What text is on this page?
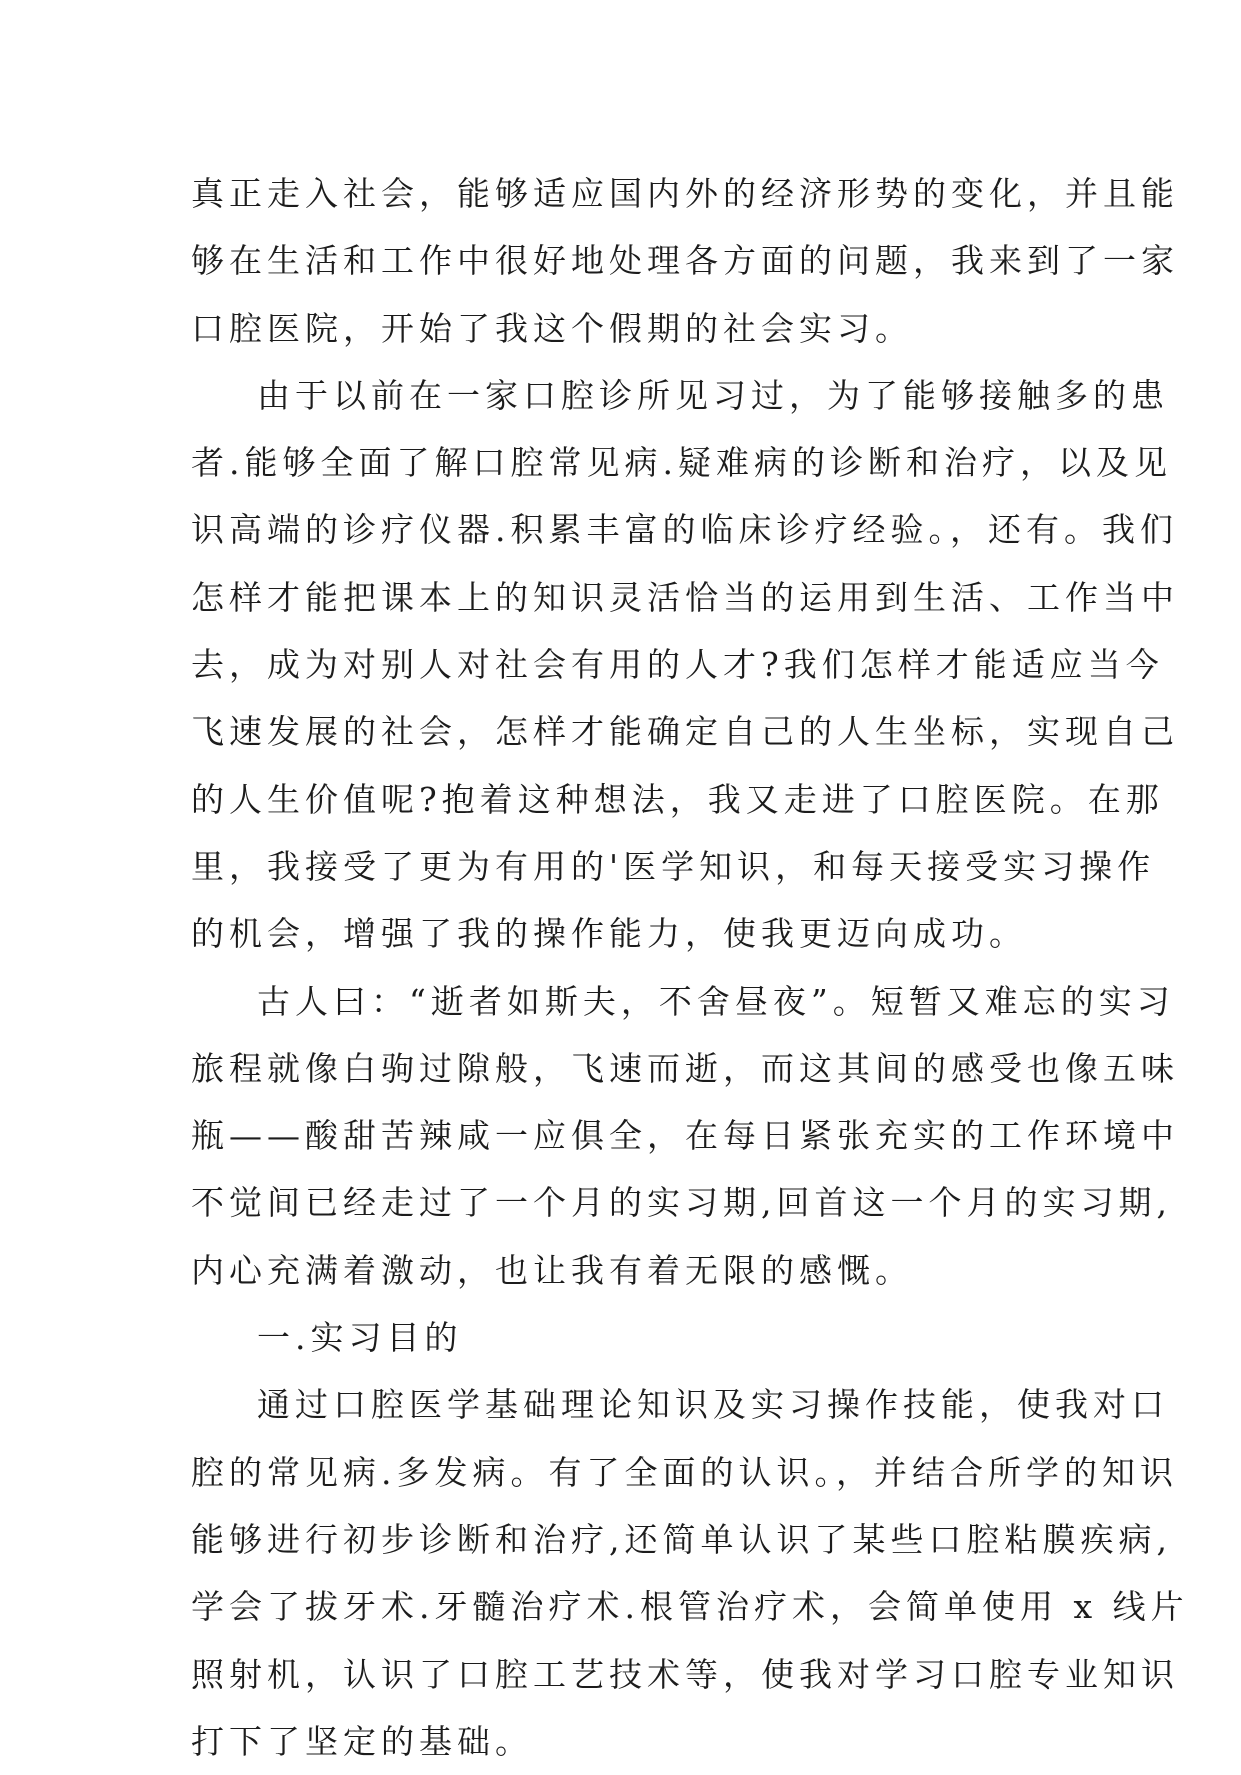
真正走入社会，能够适应国内外的经济形势的变化，并且能
够在生活和工作中很好地处理各方面的问题，我来到了一家
口腔医院，开始了我这个假期的社会实习。

由于以前在一家口腔诊所见习过，为了能够接触多的患
者.能够全面了解口腔常见病.疑难病的诊断和治疗，以及见
识高端的诊疗仪器.积累丰富的临床诊疗经验。，还有。我们
怎样才能把课本上的知识灵活恰当的运用到生活、工作当中
去，成为对别人对社会有用的人才?我们怎样才能适应当今
飞速发展的社会，怎样才能确定自己的人生坐标，实现自己
的人生价值呢?抱着这种想法，我又走进了口腔医院。在那
里，我接受了更为有用的'医学知识，和每天接受实习操作
的机会，增强了我的操作能力，使我更迈向成功。

古人曰：“逝者如斯夫，不舍昼夜”。短暂又难忘的实习
旅程就像白驹过隙般，飞速而逝，而这其间的感受也像五味
瓶——酸甜苦辣咸一应俱全，在每日紧张充实的工作环境中
不觉间已经走过了一个月的实习期,回首这一个月的实习期,
内心充满着激动，也让我有着无限的感慨。

一.实习目的

通过口腔医学基础理论知识及实习操作技能，使我对口
腔的常见病.多发病。有了全面的认识。，并结合所学的知识
能够进行初步诊断和治疗,还简单认识了某些口腔粘膜疾病,
学会了拔牙术.牙髓治疗术.根管治疗术，会简单使用 x 线片
照射机，认识了口腔工艺技术等，使我对学习口腔专业知识
打下了坚定的基础。
